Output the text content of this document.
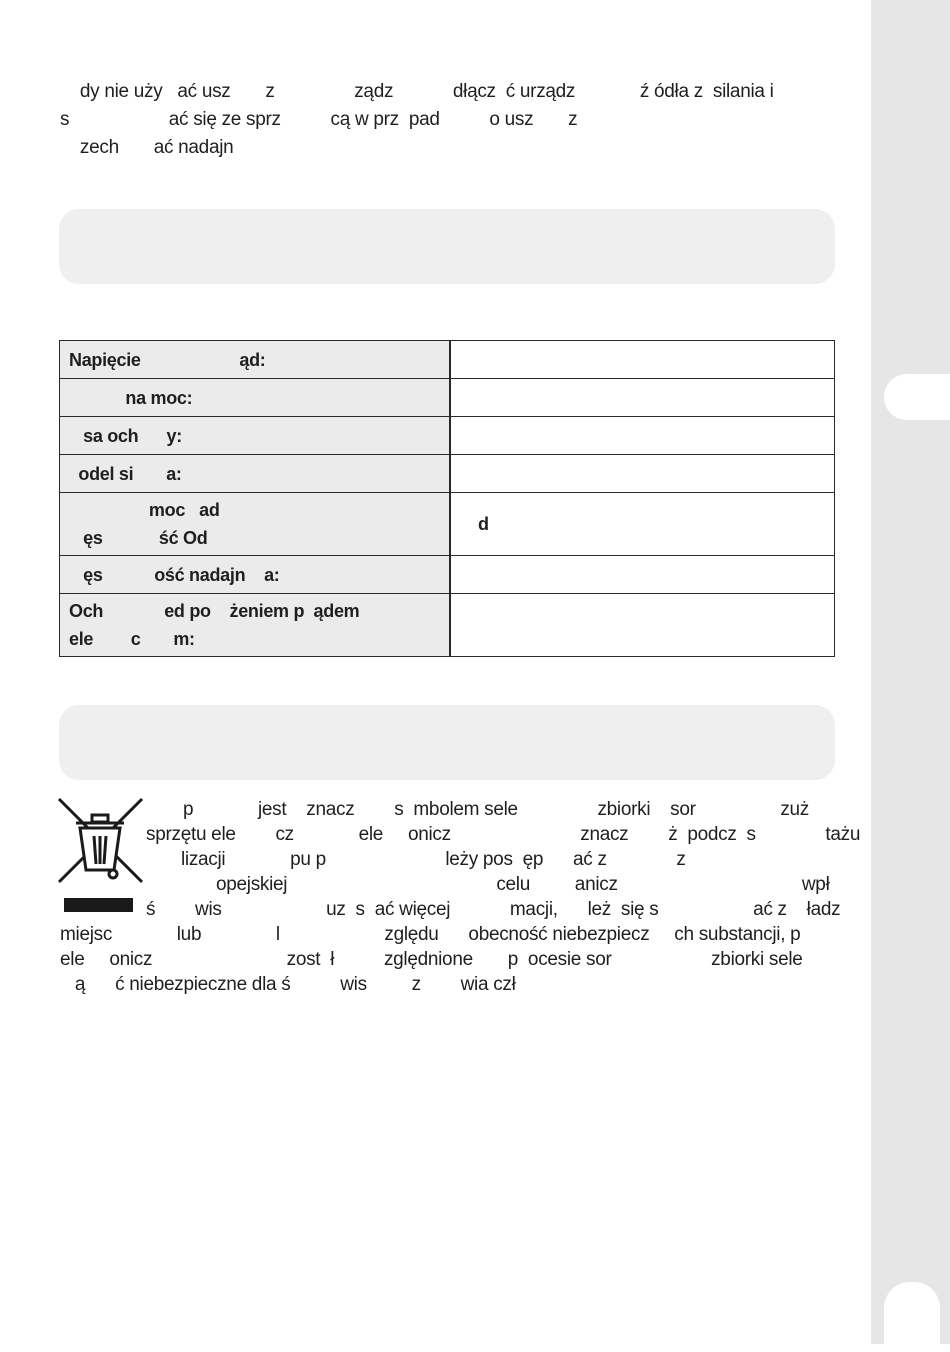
dy nie uży   ać usz       z                ządz            dłącz  ć urządz             ź ódła z  silania i
s                    ać się ze sprz          cą w prz  pad          o usz       z
zech       ać nadajn
Napięcie                     ąd:	

na moc:	

sa och      y:	

odel si       a:	

moc   ad
ęs            ść Od	d

ęs           ość nadajn    a:	

Och             ed po    żeniem p  ądem
ele        c       m:	

p             jest    znacz        s  mbolem sele                zbiorki    sor                 zuż
sprzętu ele        cz             ele     onicz                          znacz        ż  podcz  s              tażu
lizacji             pu p                        leży pos  ęp      ać z              z
opejskiej                                          celu         anicz                                     wpł
ś        wis                     uz  s  ać więcej            macji,      leż  się s                   ać z    ładz
miejsc             lub               l                     zględu      obecność niebezpiecz     ch substancji, p
ele     onicz                           zost  ł          zględnione       p  ocesie sor                    zbiorki sele
ą      ć niebezpieczne dla ś          wis         z        wia czł
